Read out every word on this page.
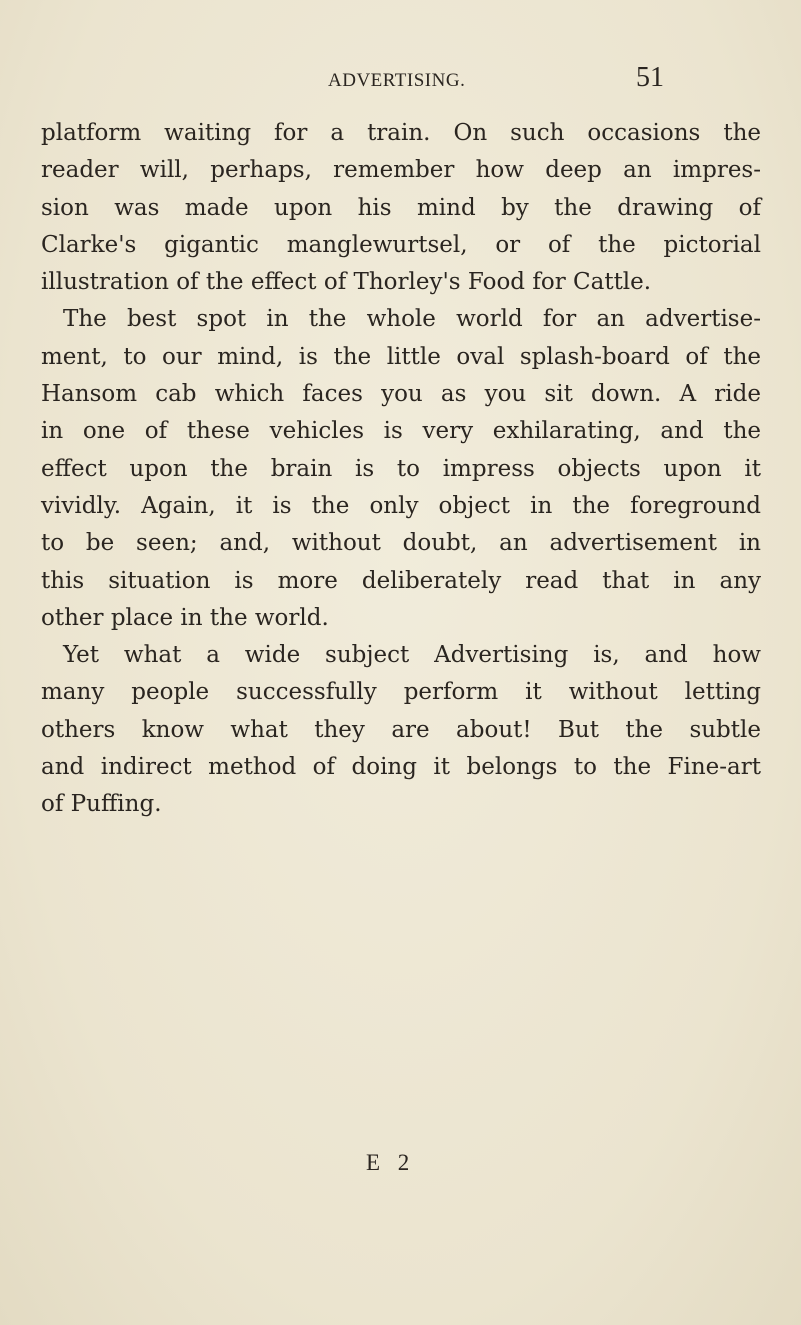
ADVERTISING.	51
platform waiting for a train. On such occasions the
reader will, perhaps, remember how deep an impres-
sion was made upon his mind by the drawing of
Clarke's gigantic manglewurtsel, or of the pictorial
illustration of the effect of Thorley's Food for Cattle.
The best spot in the whole world for an advertise-
ment, to our mind, is the little oval splash-board of the
Hansom cab which faces you as you sit down. A ride
in one of these vehicles is very exhilarating, and the
effect upon the brain is to impress objects upon it
vividly. Again, it is the only object in the foreground
to be seen; and, without doubt, an advertisement in
this situation is more deliberately read that in any
other place in the world.
Yet what a wide subject Advertising is, and how
many people successfully perform it without letting
others know what they are about! But the subtle
and indirect method of doing it belongs to the Fine-art
of Puffing.
E 2
